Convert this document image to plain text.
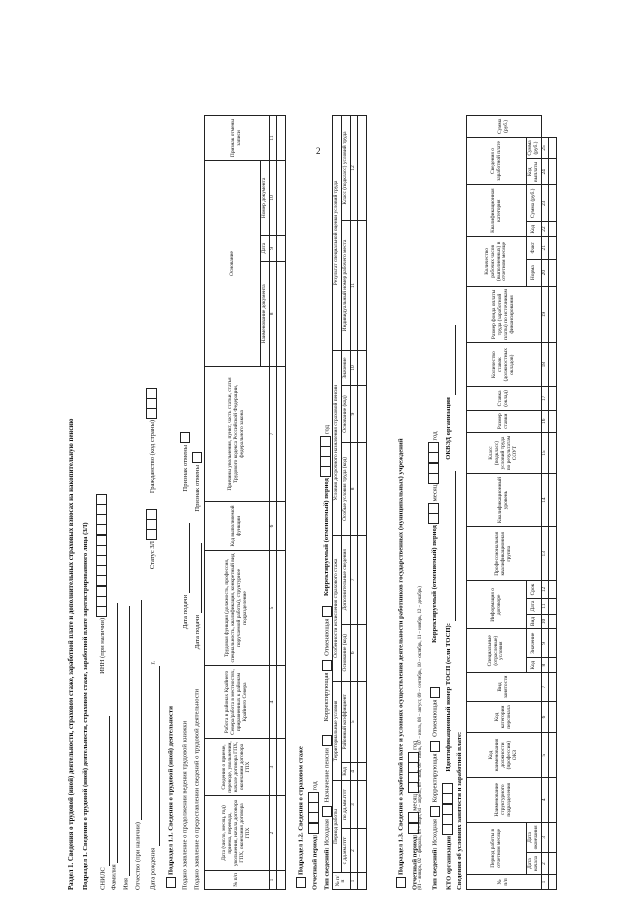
2
Раздел 1. Сведения о трудовой (иной) деятельности, страховом стаже, заработной плате и дополнительных страховых взносах на накопительную пенсию Подраздел 1. Сведения о трудовой (иной) деятельности, страховом стаже, заработной плате зарегистрированного лица (ЗЛ)	СНИЛС  ИНН (при наличии)
Фамилия Имя Отчество (при наличии)	Дата рождения  г. Статус ЗЛ  Гражданство (код страны)
Подраздел 1.1. Сведения о трудовой (иной) деятельности Подано заявление о продолжении ведения трудовой книжки Дата подачи  Признак отмены
Подано заявление о предоставлении сведений о трудовой деятельности Дата подачи  Признак отмены
№ п/п	Дата (число, месяц, год) приема, перевода, увольнения, начала договора ГПХ, окончания договора ГПХ	Сведения о приеме, переводе, увольнении, начале договора ГПХ, окончании договора ГПХ	Работа в районах Крайнего Севера/работа в местностях, приравненных к районам Крайнего Севера	Трудовая функция (должность, профессия, специальность, квалификация, конкретный вид поручаемой работы), структурное подразделение	Код выполняемой функции	Причины увольнения, пункт, часть статьи, статья Трудового кодекса Российской Федерации, федерального закона	Основание			Признак отмены записи
							Наименование документа	Дата	Номер документа	
1	2	3	4	5	6	7	8	9	10	11

Подраздел 1.2. Сведения о страховом стаже	Отчетный период:  год
Тип сведений: Исходная Назначение пенсии Корректирующая Отменяющая Корректируемый (отменяемый) период  год
№ п/п	Период работы		Территориальные условия		Особенности исчисления страхового стажа		Условия досрочного назначения страховой пенсии			Результат специальной оценки условий труда	
	с дд.мм.гггг	по дд.мм.гггг	Код	Районный коэффициент	Основание (код)	Дополнительные сведения	Особые условия труда (код)	Основание (код)	Значение	Индивидуальный номер рабочего места	Класс (подкласс) условий труда
1	2	3	4	5	6	7	8	9	10	11	12

Подраздел 1.3. Сведения о заработной плате и условиях осуществления деятельности работников государственных (муниципальных) учреждений	Отчетный период:  месяц  год (01 – январь, 02 – февраль, 03 – март, 04 – апрель, 05 – май, 06 – июнь, 07 – июль, 08 – август, 09 – сентябрь, 10 – октябрь, 11 – ноябрь, 12 – декабрь)	Тип сведений: Исходная Корректирующая Отменяющая Корректируемый (отменяемый) период  месяц  год
КТО организации  Идентификационный номер ТОСП (если ТОСП):  ОКВЭД организации
Сведения об условиях занятости и заработной плате:	№ п/п	Период работы в отчетном месяце		Наименование структурного подразделения	Код наименования должности (профессии) ОКЗ	Код категории персонала	Вид занятости	Специальные (отраслевые) условия		Информация о договоре			Профессиональная квалификационная группа	Квалификационный уровень	Класс (подкласс) условий труда по результатам СОУТ	Размер ставки	Ставка (оклад)	Количество ставок (должностных окладов)	Размер фонда оплаты труда (заработной платы) по источникам финансирования	Количество рабочих часов (выполненных) в отчетном месяце		Квалификационная категория		Сведения о заработной плате		Сумма (руб.)
	Дата начала	Дата окончания					Код	Значение	Вид	Дата	Срок								Норма	Факт	Код	Сумма (руб.)	Код выплаты	Сумма (руб.)	
1	2	3	4	5	6	7	8	9	10	11	12	13	14	15	16	17	18	19	20	21	22	23	24	25	
